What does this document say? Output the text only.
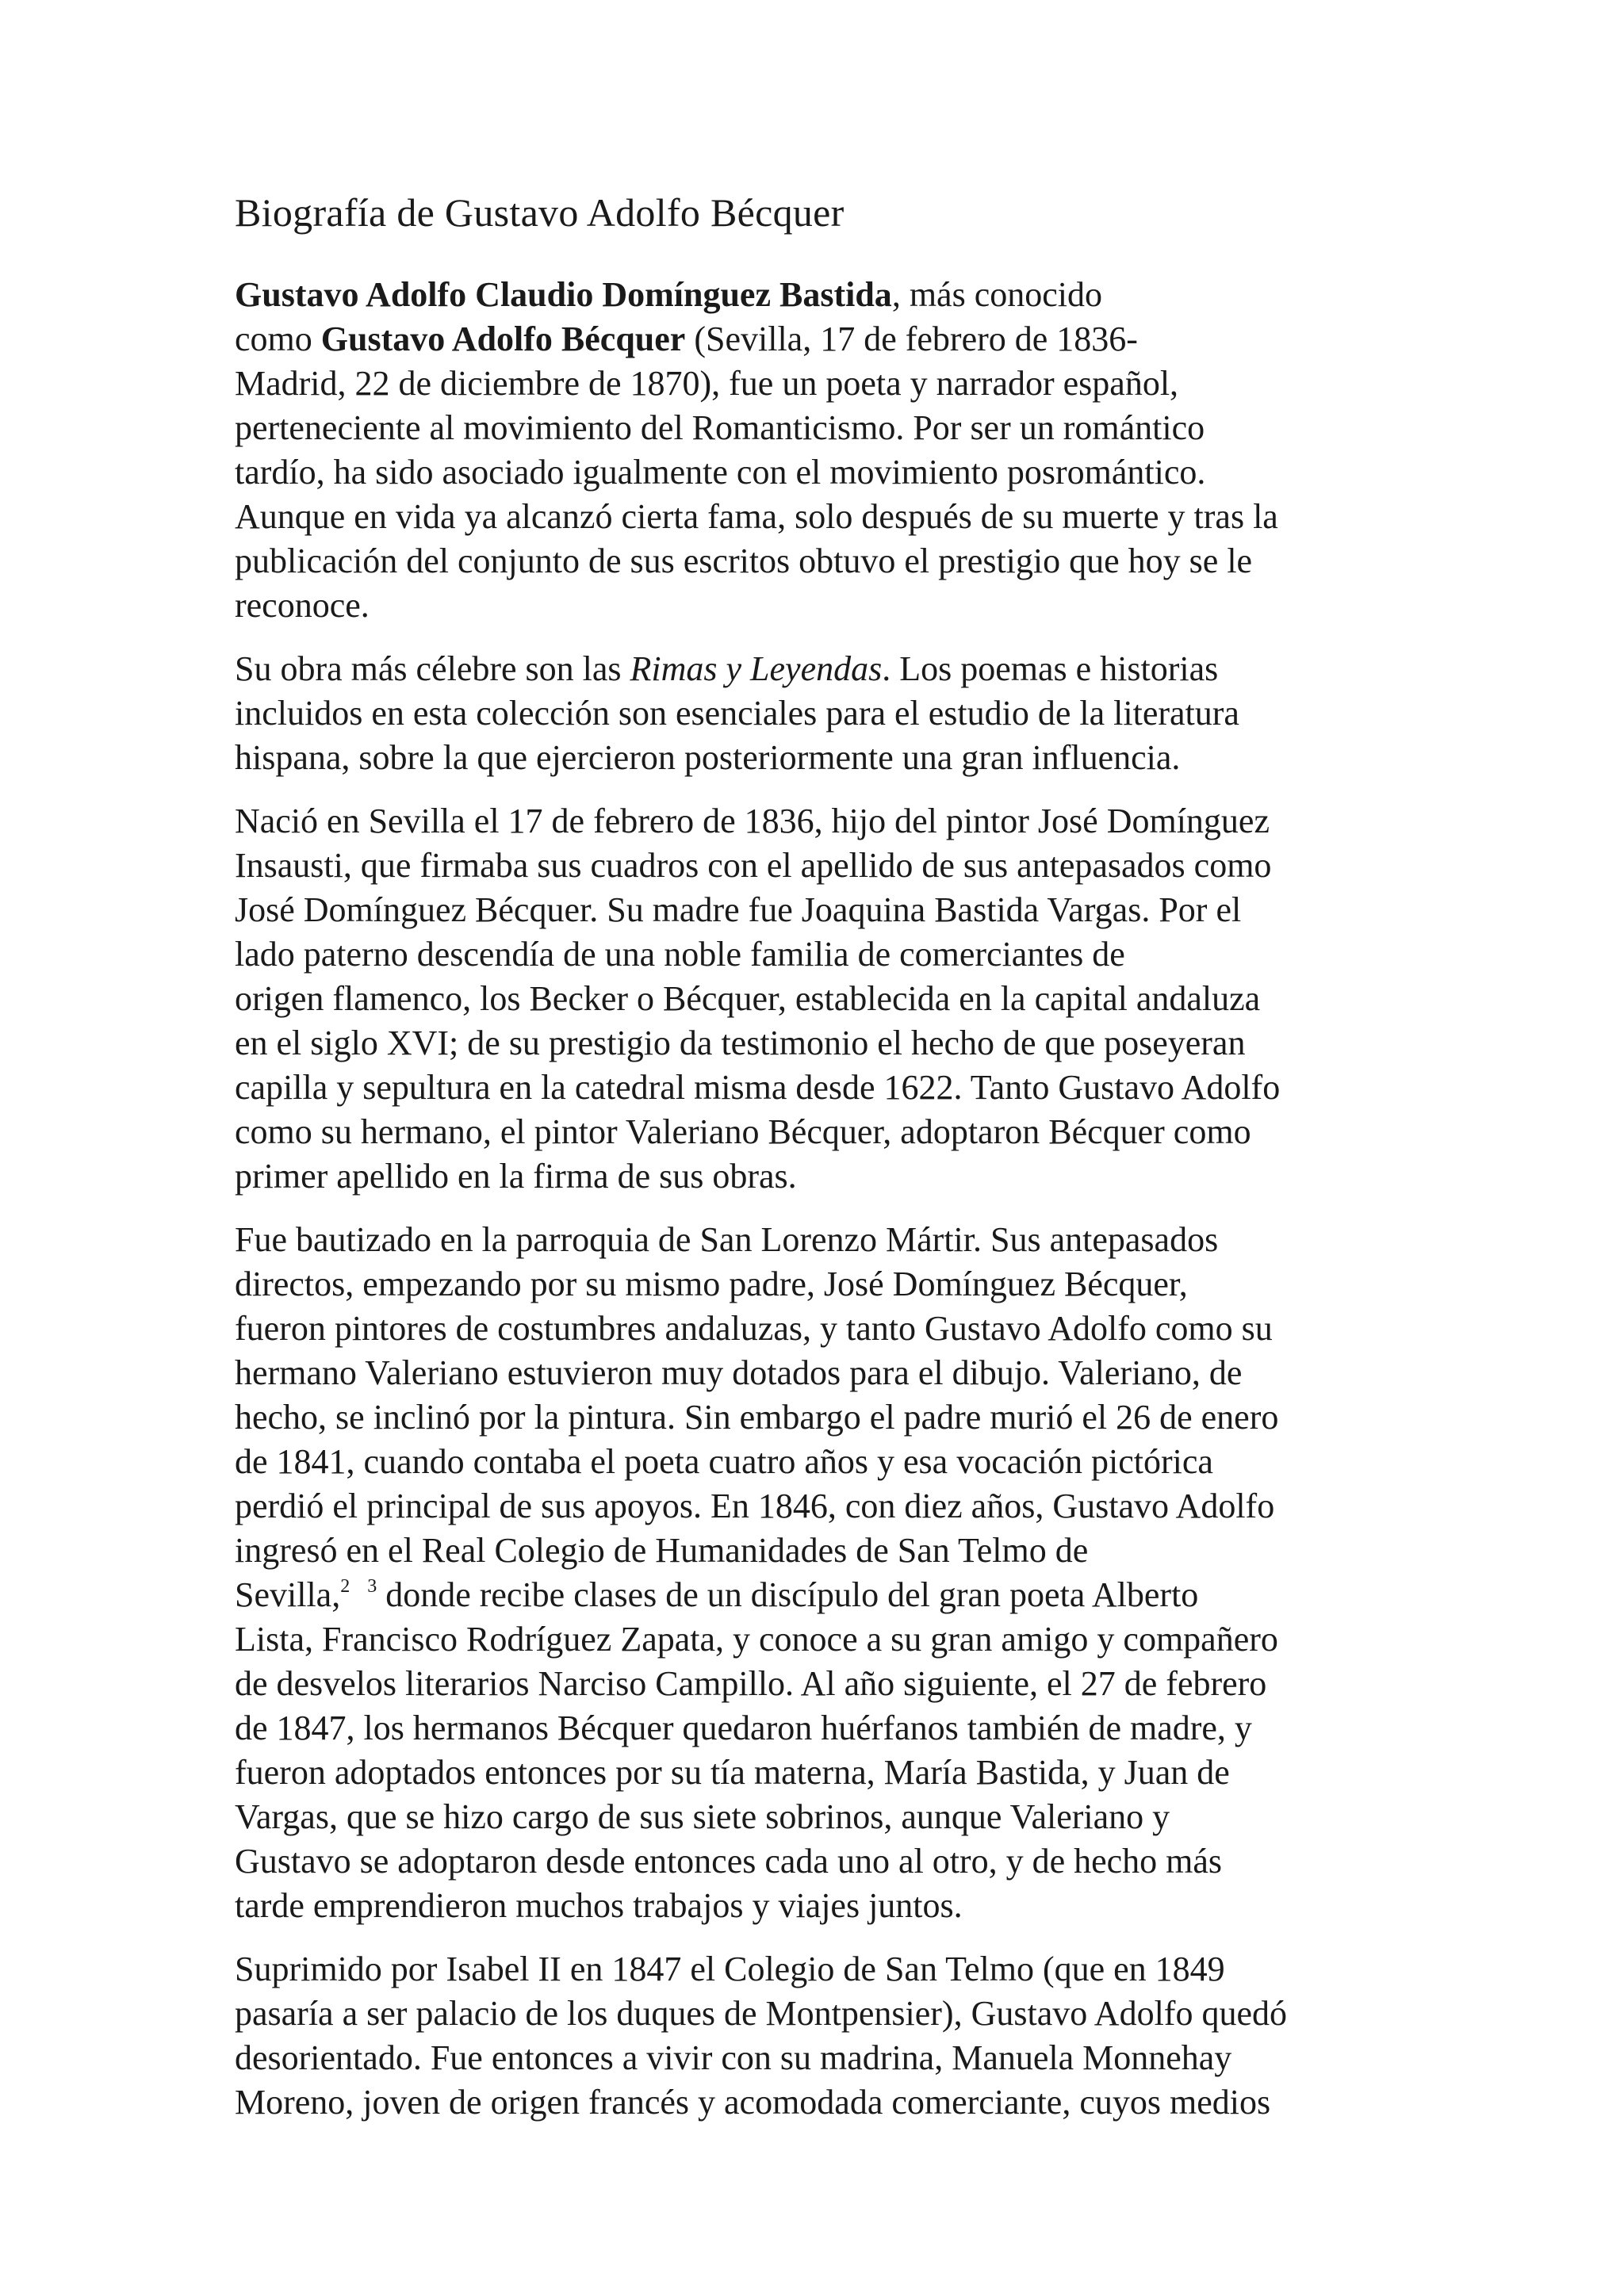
Biografía de Gustavo Adolfo Bécquer

Gustavo Adolfo Claudio Domínguez Bastida, más conocido
como Gustavo Adolfo Bécquer (Sevilla, 17 de febrero de 1836-
Madrid, 22 de diciembre de 1870), fue un poeta y narrador español,
perteneciente al movimiento del Romanticismo. Por ser un romántico
tardío, ha sido asociado igualmente con el movimiento posromántico.
Aunque en vida ya alcanzó cierta fama, solo después de su muerte y tras la
publicación del conjunto de sus escritos obtuvo el prestigio que hoy se le
reconoce.

Su obra más célebre son las Rimas y Leyendas. Los poemas e historias
incluidos en esta colección son esenciales para el estudio de la literatura
hispana, sobre la que ejercieron posteriormente una gran influencia.

Nació en Sevilla el 17 de febrero de 1836, hijo del pintor José Domínguez
Insausti, que firmaba sus cuadros con el apellido de sus antepasados como
José Domínguez Bécquer. Su madre fue Joaquina Bastida Vargas. Por el
lado paterno descendía de una noble familia de comerciantes de
origen flamenco, los Becker o Bécquer, establecida en la capital andaluza
en el siglo XVI; de su prestigio da testimonio el hecho de que poseyeran
capilla y sepultura en la catedral misma desde 1622. Tanto Gustavo Adolfo
como su hermano, el pintor Valeriano Bécquer, adoptaron Bécquer como
primer apellido en la firma de sus obras.

Fue bautizado en la parroquia de San Lorenzo Mártir. Sus antepasados
directos, empezando por su mismo padre, José Domínguez Bécquer,
fueron pintores de costumbres andaluzas, y tanto Gustavo Adolfo como su
hermano Valeriano estuvieron muy dotados para el dibujo. Valeriano, de
hecho, se inclinó por la pintura. Sin embargo el padre murió el 26 de enero
de 1841, cuando contaba el poeta cuatro años y esa vocación pictórica
perdió el principal de sus apoyos. En 1846, con diez años, Gustavo Adolfo
ingresó en el Real Colegio de Humanidades de San Telmo de
Sevilla,$^2$ $^3$ donde recibe clases de un discípulo del gran poeta Alberto
Lista, Francisco Rodríguez Zapata, y conoce a su gran amigo y compañero
de desvelos literarios Narciso Campillo. Al año siguiente, el 27 de febrero
de 1847, los hermanos Bécquer quedaron huérfanos también de madre, y
fueron adoptados entonces por su tía materna, María Bastida, y Juan de
Vargas, que se hizo cargo de sus siete sobrinos, aunque Valeriano y
Gustavo se adoptaron desde entonces cada uno al otro, y de hecho más
tarde emprendieron muchos trabajos y viajes juntos.

Suprimido por Isabel II en 1847 el Colegio de San Telmo (que en 1849
pasaría a ser palacio de los duques de Montpensier), Gustavo Adolfo quedó
desorientado. Fue entonces a vivir con su madrina, Manuela Monnehay
Moreno, joven de origen francés y acomodada comerciante, cuyos medios
